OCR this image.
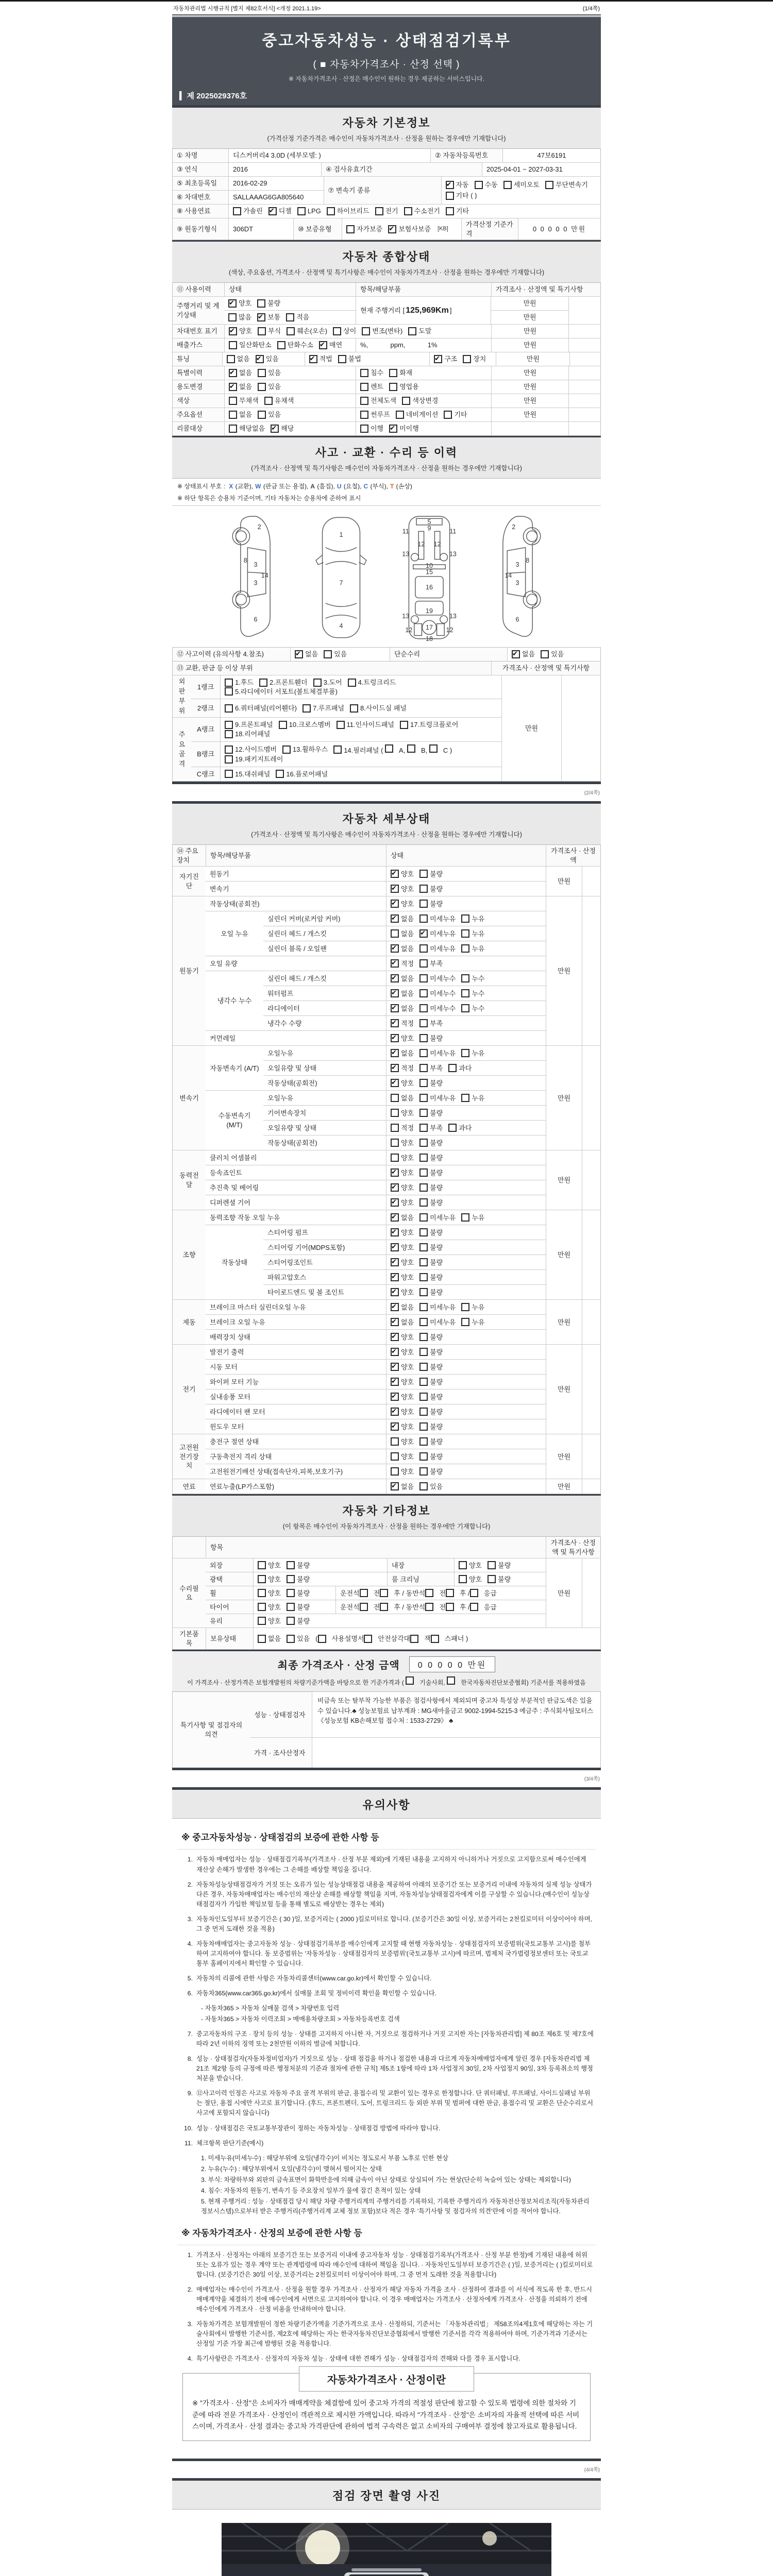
자동차관리법 시행규칙 [별지 제82호서식] <개정 2021.1.19>	(1/4쪽)
중고자동차성능 · 상태점검기록부
( ■ 자동차가격조사 · 산정 선택 )
※ 자동차가격조사 · 산정은 매수인이 원하는 경우 제공하는 서비스입니다.
▍ 제 2025029376호
자동차 기본정보
(가격산정 기준가격은 매수인이 자동차가격조사 · 산정을 원하는 경우에만 기재합니다)
① 차명	디스커버리4 3.0D (세부모델: )	② 자동차등록번호	47보6191
③ 연식	2016	④ 검사유효기간	2025-04-01 ~ 2027-03-31
⑤ 최초등록일	2016-02-29
⑥ 차대번호	SALLAAAG6GA805640
⑦ 변속기 종류
✔
자동 수동 세미오토 무단변속기
기타 ( )
⑧ 사용연료	가솔린 ✔ 디젤 LPG 하이브리드 전기 수소전기 기타
⑨ 원동기형식	306DT	⑩ 보증유형	자가보증 ✔ 보험사보증 [KB]
가격산정 기준가격
0 0 0 0 0 만원
자동차 종합상태
(색상, 주요옵션, 가격조사 · 산정액 및 특기사항은 매수인이 자동차가격조사 · 산정을 원하는 경우에만 기재합니다)
⑪ 사용이력	상태	항목/해당부품	가격조사 · 산정액 및 특기사항
주행거리 및 계기상태
✔
양호 불량
많음 ✔ 보통 적음
현재 주행거리 [ 125,969Km ]
만원
만원
차대번호 표기 ✔	양호 부식 훼손(오손) 상이 변조(변타) 도말	만원
배출가스	일산화탄소 탄화수소 ✔ 매연	%,            ppm,            1%	만원
튜닝	없음 ✔ 있음 ✔	적법 불법 ✔	구조 장치	만원
특별이력 ✔	없음 있음	침수 화재	만원
용도변경 ✔	없음 있음	렌트 영업용	만원
색상	무채색 유채색	전체도색 색상변경	만원
주요옵션	없음 있음	썬루프 네비게이션 기타	만원
리콜대상	해당없음 ✔ 해당	이행 ✔ 미이행
사고 · 교환 · 수리 등 이력
(가격조사 · 산정액 및 특기사항은 매수인이 자동차가격조사 · 산정을 원하는 경우에만 기재합니다)
※ 상태표시 부호 : X (교환), W (판금 또는 용접), A (흠집), U (요철), C (부식), T (손상)
※ 하단 항목은 승용차 기준이며, 기타 자동차는 승용차에 준하여 표시
2
8
3
3
14
6
1
7
4
5
9
11	11
12 12
13	13
10
15
16
19
13	13
12	12
17
18
2
8
3
3
14
6
⑫ 사고이력 (유의사항 4.참조) ✔	없음 있음	단순수리 ✔	없음 있음
⑬ 교환, 판금 등 이상 부위	가격조사 · 산정액 및 특기사항
외판부위
1랭크
1.후드 2.프론트휀더 3.도어 4.트렁크리드
5.라디에이터 서포트(볼트체결부품)
2랭크	6.쿼터패널(리어휀다) 7.루프패널 8.사이드실 패널
주요골격
A랭크
9.프론트패널 10.크로스멤버 11.인사이드패널 17.트렁크플로어
18.리어패널
B랭크
12.사이드멤버 13.휠하우스 14.필러패널 (
A,
B,
C )
19.패키지트레이
C랭크	15.대쉬패널 16.플로어패널
만원
(2/4쪽)
자동차 세부상태
(가격조사 · 산정액 및 특기사항은 매수인이 자동차가격조사 · 산정을 원하는 경우에만 기재합니다)
⑭ 주요장치
항목/해당부품	상태
가격조사 · 산정액
자기진단
원동기 ✔	양호 불량
변속기 ✔	양호 불량
만원
원동기
작동상태(공회전) ✔	양호 불량
오일 누유
실린더 커버(로커암 커버) ✔	없음 미세누유 누유
실린더 헤드 / 개스킷	없음 ✔ 미세누유 누유
실린더 블록 / 오일팬 ✔	없음 미세누유 누유
오일 유량 ✔	적정 부족
냉각수 누수
실린더 헤드 / 개스킷 ✔	없음 미세누수 누수
워터펌프 ✔	없음 미세누수 누수
라디에이터 ✔	없음 미세누수 누수
냉각수 수량 ✔	적정 부족
커먼레일 ✔	양호 불량
만원
변속기
자동변속기 (A/T)
오일누유 ✔	없음 미세누유 누유
오일유량 및 상태 ✔	적정 부족 과다
작동상태(공회전) ✔	양호 불량
수동변속기 (M/T)
오일누유	없음 미세누유 누유
기어변속장치	양호 불량
오일유량 및 상태	적정 부족 과다
작동상태(공회전)	양호 불량
만원
동력전달
클러치 어셈블리	양호 불량
등속죠인트 ✔	양호 불량
추진축 및 베어링 ✔	양호 불량
디퍼렌셜 기어 ✔	양호 불량
만원
조향
동력조향 작동 오일 누유 ✔	없음 미세누유 누유
작동상태
스티어링 펌프 ✔	양호 불량
스티어링 기어(MDPS포함) ✔	양호 불량
스티어링조인트 ✔	양호 불량
파워고압호스 ✔	양호 불량
타이로드엔드 및 볼 조인트 ✔	양호 불량
만원
제동
브레이크 마스터 실린더오일 누유 ✔	없음 미세누유 누유
브레이크 오일 누유 ✔	없음 미세누유 누유
배력장치 상태 ✔	양호 불량
만원
전기
발전기 출력 ✔	양호 불량
시동 모터 ✔	양호 불량
와이퍼 모터 기능 ✔	양호 불량
실내송풍 모터 ✔	양호 불량
라디에이터 팬 모터 ✔	양호 불량
윈도우 모터 ✔	양호 불량
만원
고전원전기장치
충전구 절연 상태	양호 불량
구동축전지 격리 상태	양호 불량
고전원전기배선 상태(접속단자,피복,보호기구)	양호 불량
만원
연료	연료누출(LP가스포함) ✔	없음 있음	만원
자동차 기타정보
(이 항목은 매수인이 자동차가격조사 · 산정을 원하는 경우에만 기재합니다)
항목
가격조사 · 산정액 및 특기사항
수리필요
외장	양호 불량	내장	양호 불량
광택	양호 불량	룸 크리닝	양호 불량
휠	양호 불량	운전석 전 후 / 동반석 전 후 / 응급
타이어	양호 불량	운전석 전 후 / 동반석 전 후 / 응급
유리	양호 불량
만원
기본품목
보유상태	없음 있음 ( 사용설명서 안전삼각대 잭 스패너 )
최종 가격조사 · 산정 금액	0 0 0 0 0 만원
이 가격조사 · 산정가격은 보험개발원의 차량기준가액을 바탕으로 한 기준가격과 (
기술사회,
한국자동차진단보증협회) 기준서를 적용하였음
특기사항 및 점검자의 의견
성능 · 상태점검자
비금속 또는 탈부착 가능한 부품은 점검사항에서 제외되며 중고차 특성상 부분적인 판금도색은 있을 수 있습니다.♣ 성능보험료 납부계좌 : MG새마을금고 9002-1994-5215-3 예금주 : 주식회사팀모터스 《성능보험 KB손해보험 접수처 : 1533-2729》 ♣
가격 · 조사산정자
(3/4쪽)
유의사항
※ 중고자동차성능 · 상태점검의 보증에 관한 사항 등
1. 자동차 매매업자는 성능 · 상태점검기록부(가격조사 · 산정 부분 제외)에 기재된 내용을 고지하지 아니하거나 거짓으로 고지함으로써 매수인에게 재산상 손해가 발생한 경우에는 그 손해를 배상할 책임을 집니다.
2. 자동차성능상태점검자가 거짓 또는 오류가 있는 성능상태점검 내용을 제공하여 아래의 보증기간 또는 보증거리 이내에 자동차의 실제 성능 상태가 다른 경우, 자동차매매업자는 매수인의 재산상 손해를 배상할 책임을 지며, 자동차성능상태점검자에게 이를 구상할 수 있습니다.(매수인이 성능상태점검자가 가입한 책임보험 등을 통해 별도로 배상받는 경우는 제외)
3. 자동차인도일부터 보증기간은 ( 30 )일, 보증거리는 ( 2000 )킬로미터로 합니다. (보증기간은 30일 이상, 보증거리는 2천킬로미터 이상이어야 하며, 그 중 먼저 도래한 것을 적용)
4. 자동차매매업자는 중고자동차 성능 · 상태점검기록부를 매수인에게 고지할 때 현행 자동차성능 · 상태점검자의 보증범위(국토교통부 고시)를 첨부하여 고지하여야 합니다. 동 보증범위는 '자동차성능 · 상태점검자의 보증범위'(국토교통부 고시)에 따르며, 법제처 국가법령정보센터 또는 국토교통부 홈페이지에서 확인할 수 있습니다.
5. 자동차의 리콜에 관한 사항은 자동차리콜센터(www.car.go.kr)에서 확인할 수 있습니다.
6. 자동차365(www.car365.go.kr)에서 실매물 조회 및 정비이력 확인을 확인할 수 있습니다.
- 자동차365 > 자동차 실매물 검색 > 차량번호 입력
- 자동차365 > 자동차 이력조회 > 매매용차량조회 > 자동차등록번호 검색
7. 중고자동차의 구조 · 장치 등의 성능 · 상태를 고지하지 아니한 자, 거짓으로 점검하거나 거짓 고지한 자는 [자동차관리법] 제 80조 제6호 및 제7호에 따라 2년 이하의 징역 또는 2천만원 이하의 벌금에 처합니다.
8. 성능 · 상태점검자(자동차정비업자)가 거짓으로 성능 · 상태 점검을 하거나 점검한 내용과 다르게 자동차매매업자에게 알린 경우 [자동차관리법 제21조 제2항 등의 규정에 따른 행정처분의 기준과 절차에 관한 규칙] 제5조 1항에 따라 1차 사업정지 30일, 2차 사업정지 90일, 3차 등록취소의 행정처분을 받습니다.
9. ⑫사고이력 인정은 사고로 자동차 주요 골격 부위의 판금, 용접수리 및 교환이 있는 경우로 한정합니다. 단 쿼터패널, 루프패널, 사이드실패널 부위는 절단, 용접 시에만 사고로 표기합니다. (후드, 프론트펜더, 도어, 트렁크리드 등 외판 부위 및 범퍼에 대한 판금, 용접수리 및 교환은 단순수리로서 사고에 포함되지 않습니다)
10. 성능 · 상태점검은 국토교통부장관이 정하는 자동차성능 · 상태점검 방법에 따라야 합니다.
11. 체크항목 판단기준(예시)
1. 미세누유(미세누수) : 해당부위에 오일(냉각수)이 비치는 정도로서 부품 노후로 인한 현상
2. 누유(누수) : 해당부위에서 오일(냉각수)이 맺혀서 떨어지는 상태
3. 부식: 차량하부와 외판의 금속표면이 화학반응에 의해 금속이 아닌 상태로 상실되어 가는 현상(단순히 녹슬어 있는 상태는 제외합니다)
4. 침수: 자동차의 원동기, 변속기 등 주요장치 일부가 물에 잠긴 흔적이 있는 상태
5. 현재 주행거리 : 성능 · 상태점검 당시 해당 차량 주행거리계의 주행거리를 기록하되, 기록한 주행거리가 자동차전산정보처리조직(자동차관리정보시스템)으로부터 받은 주행거리(주행거리계 교체 정보 포함)보다 적은 경우 '특기사항 및 점검자의 의견'란에 이를 적어야 합니다.
※ 자동차가격조사 · 산정의 보증에 관한 사항 등
1. 가격조사 · 산정자는 아래의 보증기간 또는 보증거리 이내에 중고자동차 성능 · 상태점검기록부(가격조사 · 산정 부분 한정)에 기재된 내용에 허위 또는 오류가 있는 경우 계약 또는 관계법령에 따라 매수인에 대하여 책임을 집니다. · 자동차인도일부터 보증기간은 ( )일, 보증거리는 ( )킬로미터로 합니다. (보증기간은 30일 이상, 보증거리는 2천킬로미터 이상이어야 하며, 그 중 먼저 도래한 것을 적용합니다)
2. 매매업자는 매수인이 가격조사 · 산정을 원할 경우 가격조사 · 산정자가 해당 자동차 가격을 조사 · 산정하여 결과를 이 서식에 적도록 한 후, 반드시 매매계약을 체결하기 전에 매수인에게 서면으로 고지하여야 합니다. 이 경우 매매업자는 가격조사 · 산정자에게 가격조사 · 산정을 의뢰하기 전에 매수인에게 가격조사 · 산정 비용을 안내하여야 합니다.
3. 자동차가격은 보험개발원이 정한 차량기준가액을 기준가격으로 조사 · 산정하되, 기준서는 「자동차관리법」 제58조의4제1호에 해당하는 자는 기술사회에서 발행한 기준서를, 제2호에 해당하는 자는 한국자동차진단보증협회에서 발행한 기준서를 각각 적용하여야 하며, 기준가격과 기준서는 산정일 기준 가장 최근에 발행된 것을 적용합니다.
4. 특기사항란은 가격조사 · 산정자의 자동차 성능 · 상태에 대한 견해가 성능 · 상태점검자의 견해와 다를 경우 표시합니다.
자동차가격조사 · 산정이란
※ "가격조사 · 산정"은 소비자가 매매계약을 체결함에 있어 중고차 가격의 적절성 판단에 참고할 수 있도록 법령에 의한 절차와 기준에 따라 전문 가격조사 · 산정인이 객관적으로 제시한 가액입니다. 따라서 "가격조사 · 산정"은 소비자의 자율적 선택에 따른 서비스이며, 가격조사 · 산정 결과는 중고차 가격판단에 관하여 법적 구속력은 없고 소비자의 구매여부 결정에 참고자료로 활용됩니다.
(4/4쪽)
점검 장면 촬영 사진
